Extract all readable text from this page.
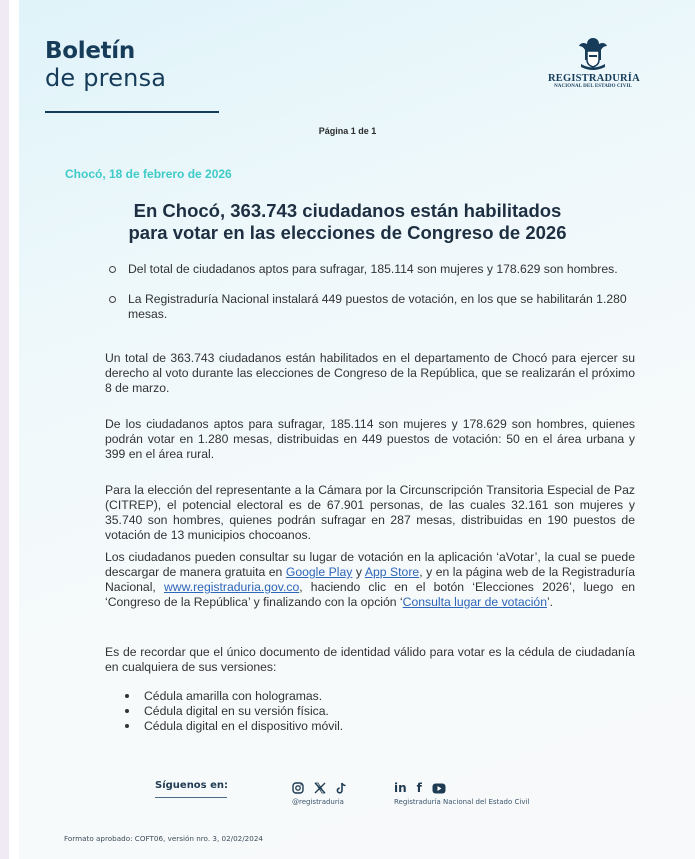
Boletín
de prensa	REGISTRADURÍA
NACIONAL DEL ESTADO CIVIL
Página 1 de 1
Chocó, 18 de febrero de 2026
En Chocó, 363.743 ciudadanos están habilitados
para votar en las elecciones de Congreso de 2026
Del total de ciudadanos aptos para sufragar, 185.114 son mujeres y 178.629 son hombres.
La Registraduría Nacional instalará 449 puestos de votación, en los que se habilitarán 1.280 mesas.
Un total de 363.743 ciudadanos están habilitados en el departamento de Chocó para ejercer su derecho al voto durante las elecciones de Congreso de la República, que se realizarán el próximo 8 de marzo.
De los ciudadanos aptos para sufragar, 185.114 son mujeres y 178.629 son hombres, quienes podrán votar en 1.280 mesas, distribuidas en 449 puestos de votación: 50 en el área urbana y 399 en el área rural.
Para la elección del representante a la Cámara por la Circunscripción Transitoria Especial de Paz (CITREP), el potencial electoral es de 67.901 personas, de las cuales 32.161 son mujeres y 35.740 son hombres, quienes podrán sufragar en 287 mesas, distribuidas en 190 puestos de votación de 13 municipios chocoanos.
Los ciudadanos pueden consultar su lugar de votación en la aplicación ‘aVotar’, la cual se puede descargar de manera gratuita en Google Play y App Store, y en la página web de la Registraduría Nacional, www.registraduria.gov.co, haciendo clic en el botón ‘Elecciones 2026’, luego en ‘Congreso de la República’ y finalizando con la opción ‘Consulta lugar de votación’.
Es de recordar que el único documento de identidad válido para votar es la cédula de ciudadanía en cualquiera de sus versiones:
Cédula amarilla con hologramas.
Cédula digital en su versión física.
Cédula digital en el dispositivo móvil.
Síguenos en:
@registraduria
in f
Registraduría Nacional del Estado Civil
Formato aprobado: COFT06, versión nro. 3, 02/02/2024
